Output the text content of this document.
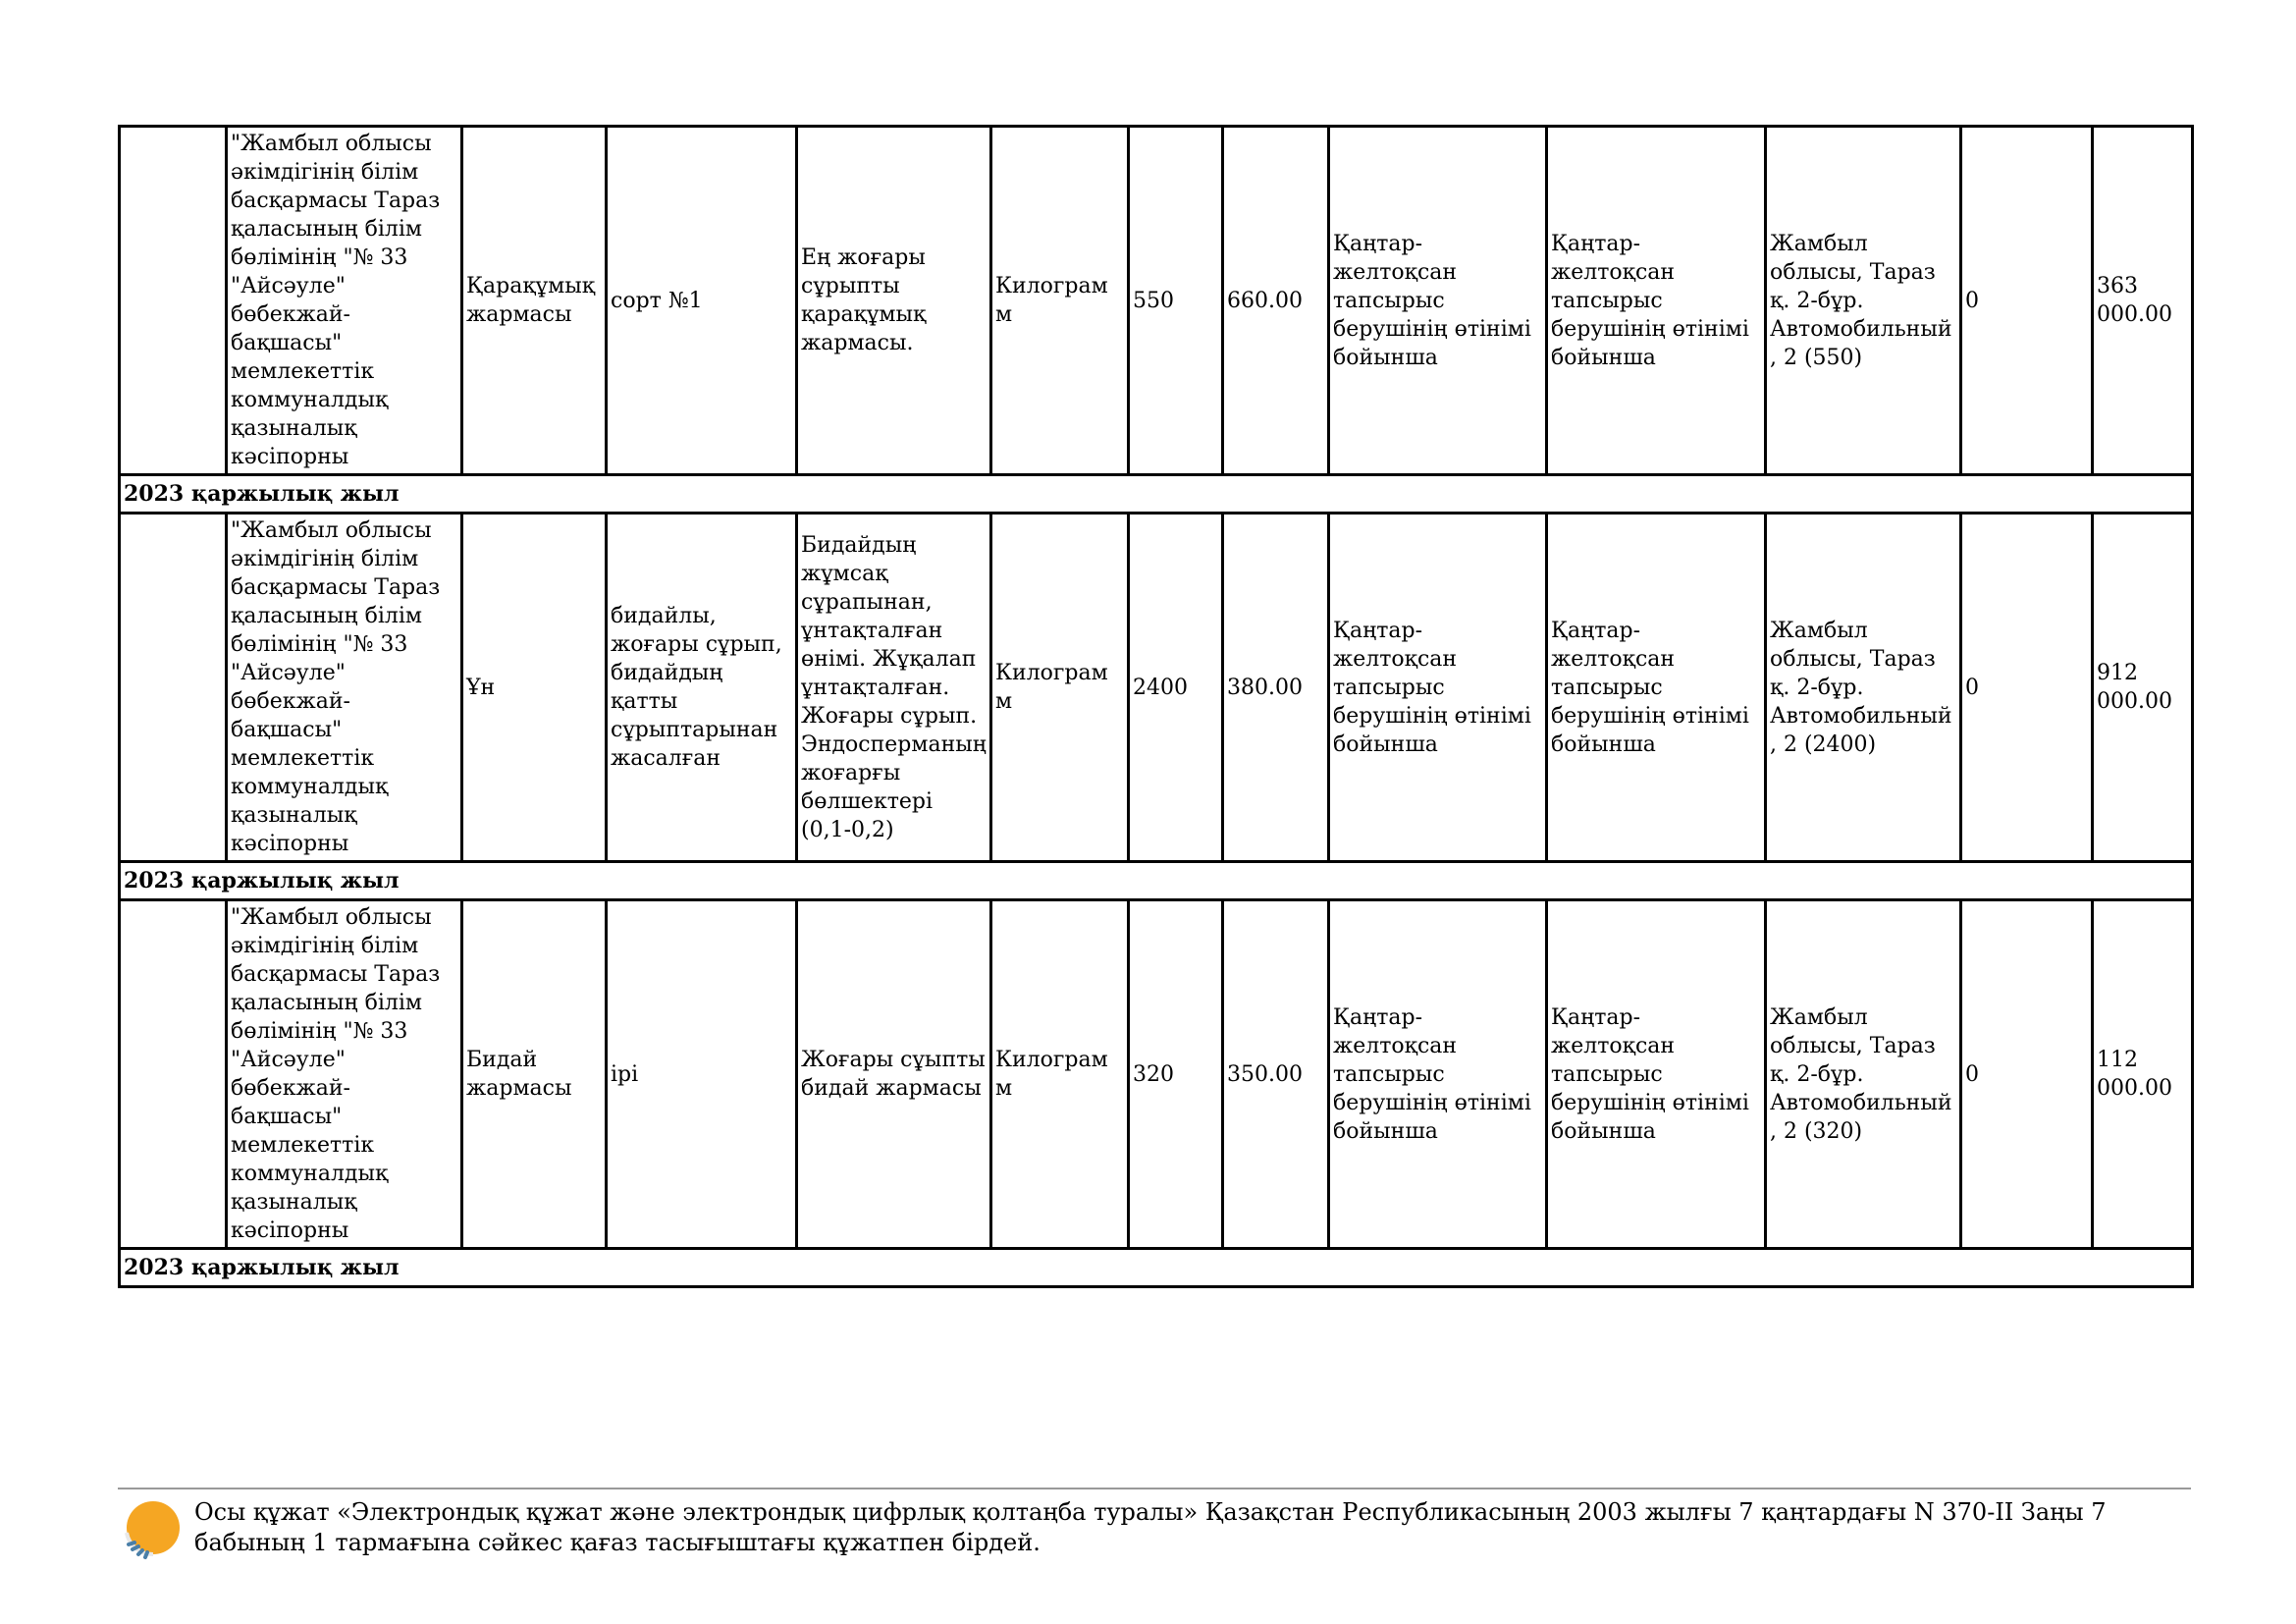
	"Жамбыл облысы әкімдігінің білім басқармасы Тараз қаласының білім бөлімінің "№ 33 "Айсәуле" бөбекжай-бақшасы" мемлекеттік коммуналдық қазыналық кәсіпорны	Қарақұмық жармасы	сорт №1	Ең жоғары сұрыпты қарақұмық жармасы.	Килограмм	550	660.00	Қаңтар-желтоқсан тапсырыс берушінің өтінімі бойынша	Қаңтар-желтоқсан тапсырыс берушінің өтінімі бойынша	Жамбыл облысы, Тараз қ. 2-бұр. Автомобильный, 2 (550)	0	363 000.00
2023 қаржылық жыл												
	"Жамбыл облысы әкімдігінің білім басқармасы Тараз қаласының білім бөлімінің "№ 33 "Айсәуле" бөбекжай-бақшасы" мемлекеттік коммуналдық қазыналық кәсіпорны	Ұн	бидайлы, жоғары сұрып, бидайдың қатты сұрыптарынан жасалған	Бидайдың жұмсақ сұрапынан, ұнтақталған өнімі. Жұқалап ұнтақталған. Жоғары сұрып. Эндосперманың жоғарғы бөлшектері (0,1-0,2)	Килограмм	2400	380.00	Қаңтар-желтоқсан тапсырыс берушінің өтінімі бойынша	Қаңтар-желтоқсан тапсырыс берушінің өтінімі бойынша	Жамбыл облысы, Тараз қ. 2-бұр. Автомобильный, 2 (2400)	0	912 000.00
2023 қаржылық жыл												
	"Жамбыл облысы әкімдігінің білім басқармасы Тараз қаласының білім бөлімінің "№ 33 "Айсәуле" бөбекжай-бақшасы" мемлекеттік коммуналдық қазыналық кәсіпорны	Бидай жармасы	ірі	Жоғары сұыпты бидай жармасы	Килограмм	320	350.00	Қаңтар-желтоқсан тапсырыс берушінің өтінімі бойынша	Қаңтар-желтоқсан тапсырыс берушінің өтінімі бойынша	Жамбыл облысы, Тараз қ. 2-бұр. Автомобильный, 2 (320)	0	112 000.00
2023 қаржылық жыл												
Осы құжат «Электрондық құжат және электрондық цифрлық қолтаңба туралы» Қазақстан Республикасының 2003 жылғы 7 қаңтардағы N 370-II Заңы 7 бабының 1 тармағына сәйкес қағаз тасығыштағы құжатпен бірдей.
